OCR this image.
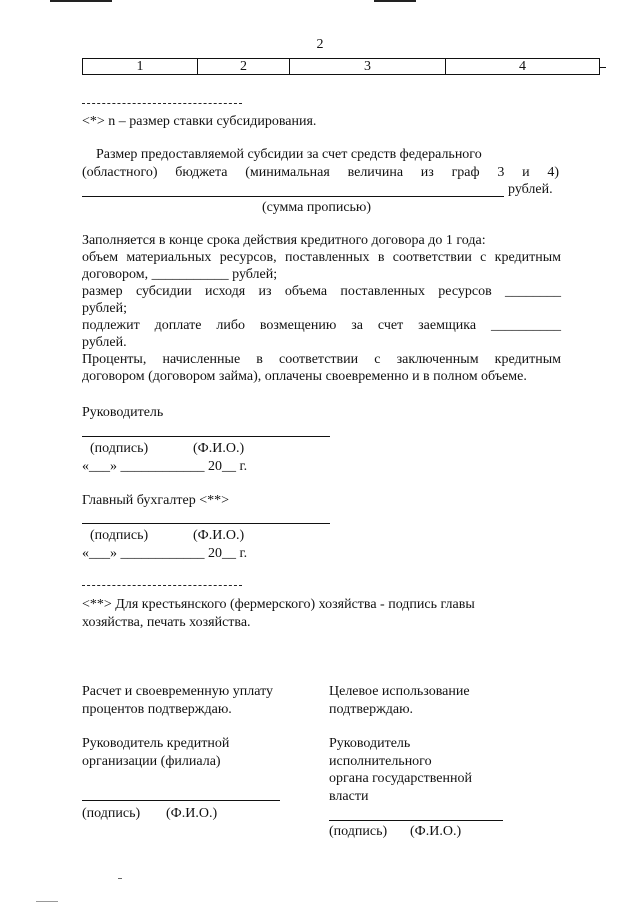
2
1	2	3	4
<*> n – размер ставки субсидирования.
Размер предоставляемой субсидии за счет средств федерального
(областного) бюджета (минимальная величина из граф 3 и 4)
рублей.
(сумма прописью)
Заполняется в конце срока действия кредитного договора до 1 года:
объем материальных ресурсов, поставленных в соответствии с кредитным
договором, ___________ рублей;
размер субсидии исходя из объема поставленных ресурсов ________
рублей;
подлежит доплате либо возмещению за счет заемщика __________
рублей.
Проценты, начисленные в соответствии с заключенным кредитным
договором (договором займа), оплачены своевременно и в полном объеме.
Руководитель
(подпись)	(Ф.И.О.)
«___» ____________ 20__ г.
Главный бухгалтер <**>
(подпись)	(Ф.И.О.)
«___» ____________ 20__ г.
<**> Для крестьянского (фермерского) хозяйства - подпись главы
хозяйства, печать хозяйства.
Расчет и своевременную уплату
процентов подтверждаю.
Руководитель кредитной
организации (филиала)
(подпись) (Ф.И.О.)
Целевое использование
подтверждаю.
Руководитель
исполнительного
органа государственной
власти
(подпись) (Ф.И.О.)
